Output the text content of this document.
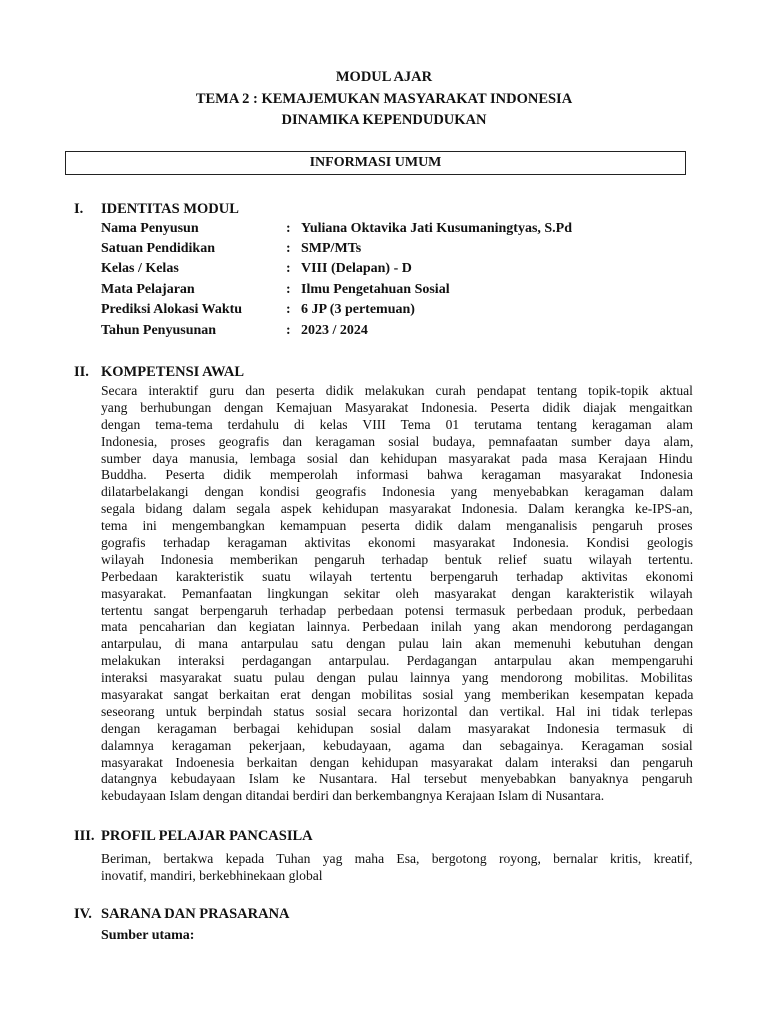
MODUL AJAR
TEMA 2 : KEMAJEMUKAN MASYARAKAT INDONESIA
DINAMIKA KEPENDUDUKAN
INFORMASI UMUM
I. IDENTITAS MODUL
Nama Penyusun	: Yuliana Oktavika Jati Kusumaningtyas, S.Pd
Satuan Pendidikan	: SMP/MTs
Kelas / Kelas	: VIII (Delapan) - D
Mata Pelajaran	: Ilmu Pengetahuan Sosial
Prediksi Alokasi Waktu	: 6 JP (3 pertemuan)
Tahun Penyusunan	: 2023 / 2024
II. KOMPETENSI AWAL
Secara interaktif guru dan peserta didik melakukan curah pendapat tentang topik-topik aktual
yang berhubungan dengan Kemajuan Masyarakat Indonesia. Peserta didik diajak mengaitkan
dengan tema-tema terdahulu di kelas VIII Tema 01 terutama tentang keragaman alam
Indonesia, proses geografis dan keragaman sosial budaya, pemnafaatan sumber daya alam,
sumber daya manusia, lembaga sosial dan kehidupan masyarakat pada masa Kerajaan Hindu
Buddha. Peserta didik memperolah informasi bahwa keragaman masyarakat Indonesia
dilatarbelakangi dengan kondisi geografis Indonesia yang menyebabkan keragaman dalam
segala bidang dalam segala aspek kehidupan masyarakat Indonesia. Dalam kerangka ke-IPS-an,
tema ini mengembangkan kemampuan peserta didik dalam menganalisis pengaruh proses
gografis terhadap keragaman aktivitas ekonomi masyarakat Indonesia. Kondisi geologis
wilayah Indonesia memberikan pengaruh terhadap bentuk relief suatu wilayah tertentu.
Perbedaan karakteristik suatu wilayah tertentu berpengaruh terhadap aktivitas ekonomi
masyarakat. Pemanfaatan lingkungan sekitar oleh masyarakat dengan karakteristik wilayah
tertentu sangat berpengaruh terhadap perbedaan potensi termasuk perbedaan produk, perbedaan
mata pencaharian dan kegiatan lainnya. Perbedaan inilah yang akan mendorong perdagangan
antarpulau, di mana antarpulau satu dengan pulau lain akan memenuhi kebutuhan dengan
melakukan interaksi perdagangan antarpulau. Perdagangan antarpulau akan mempengaruhi
interaksi masyarakat suatu pulau dengan pulau lainnya yang mendorong mobilitas. Mobilitas
masyarakat sangat berkaitan erat dengan mobilitas sosial yang memberikan kesempatan kepada
seseorang untuk berpindah status sosial secara horizontal dan vertikal. Hal ini tidak terlepas
dengan keragaman berbagai kehidupan sosial dalam masyarakat Indonesia termasuk di
dalamnya keragaman pekerjaan, kebudayaan, agama dan sebagainya. Keragaman sosial
masyarakat Indoenesia berkaitan dengan kehidupan masyarakat dalam interaksi dan pengaruh
datangnya kebudayaan Islam ke Nusantara. Hal tersebut menyebabkan banyaknya pengaruh
kebudayaan Islam dengan ditandai berdiri dan berkembangnya Kerajaan Islam di Nusantara.
III. PROFIL PELAJAR PANCASILA
Beriman, bertakwa kepada Tuhan yag maha Esa, bergotong royong, bernalar kritis, kreatif,
inovatif, mandiri, berkebhinekaan global
IV. SARANA DAN PRASARANA
Sumber utama:
